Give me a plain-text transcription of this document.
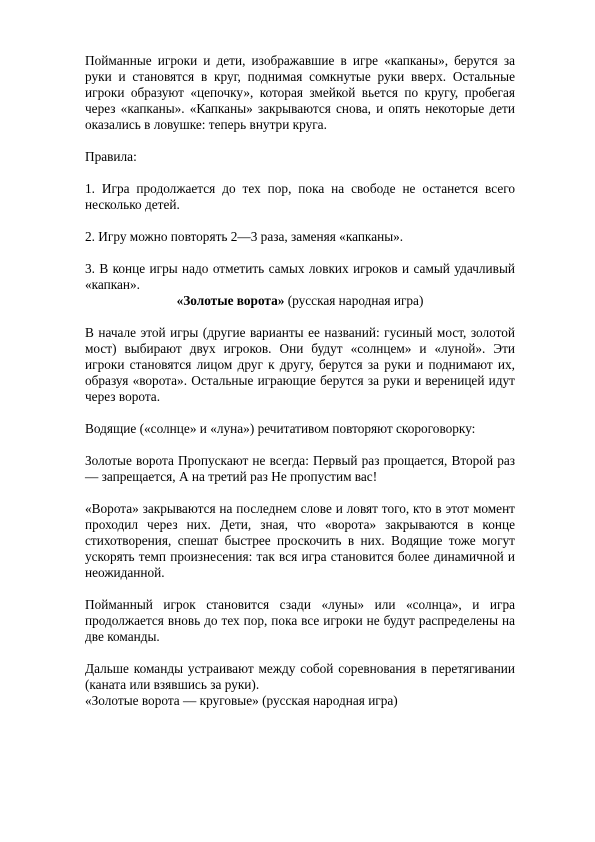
Пойманные игроки и дети, изображавшие в игре «капканы», берутся за руки и становятся в круг, поднимая сомкнутые руки вверх. Остальные игроки образуют «цепочку», которая змейкой вьется по кругу, пробегая через «капканы». «Капканы» закрываются снова, и опять некоторые дети оказались в ловушке: теперь внутри круга.

Правила:

1. Игра продолжается до тех пор, пока на свободе не останется всего несколько детей.

2. Игру можно повторять 2—3 раза, заменяя «капканы».

3. В конце игры надо отметить самых ловких игроков и самый удачливый «капкан».

«Золотые ворота» (русская народная игра)

В начале этой игры (другие варианты ее названий: гусиный мост, золотой мост) выбирают двух игроков. Они будут «солнцем» и «луной». Эти игроки становятся лицом друг к другу, берутся за руки и поднимают их, образуя «ворота». Остальные играющие берутся за руки и вереницей идут через ворота.

Водящие («солнце» и «луна») речитативом повторяют скороговорку:

Золотые ворота Пропускают не всегда: Первый раз прощается, Второй раз — запрещается, А на третий раз Не пропустим вас!

«Ворота» закрываются на последнем слове и ловят того, кто в этот момент проходил через них. Дети, зная, что «ворота» закрываются в конце стихотворения, спешат быстрее проскочить в них. Водящие тоже могут ускорять темп произнесения: так вся игра становится более динамичной и неожиданной.

Пойманный игрок становится сзади «луны» или «солнца», и игра продолжается вновь до тех пор, пока все игроки не будут распределены на две команды.

Дальше команды устраивают между собой соревнования в перетягивании (каната или взявшись за руки).

«Золотые ворота — круговые» (русская народная игра)
